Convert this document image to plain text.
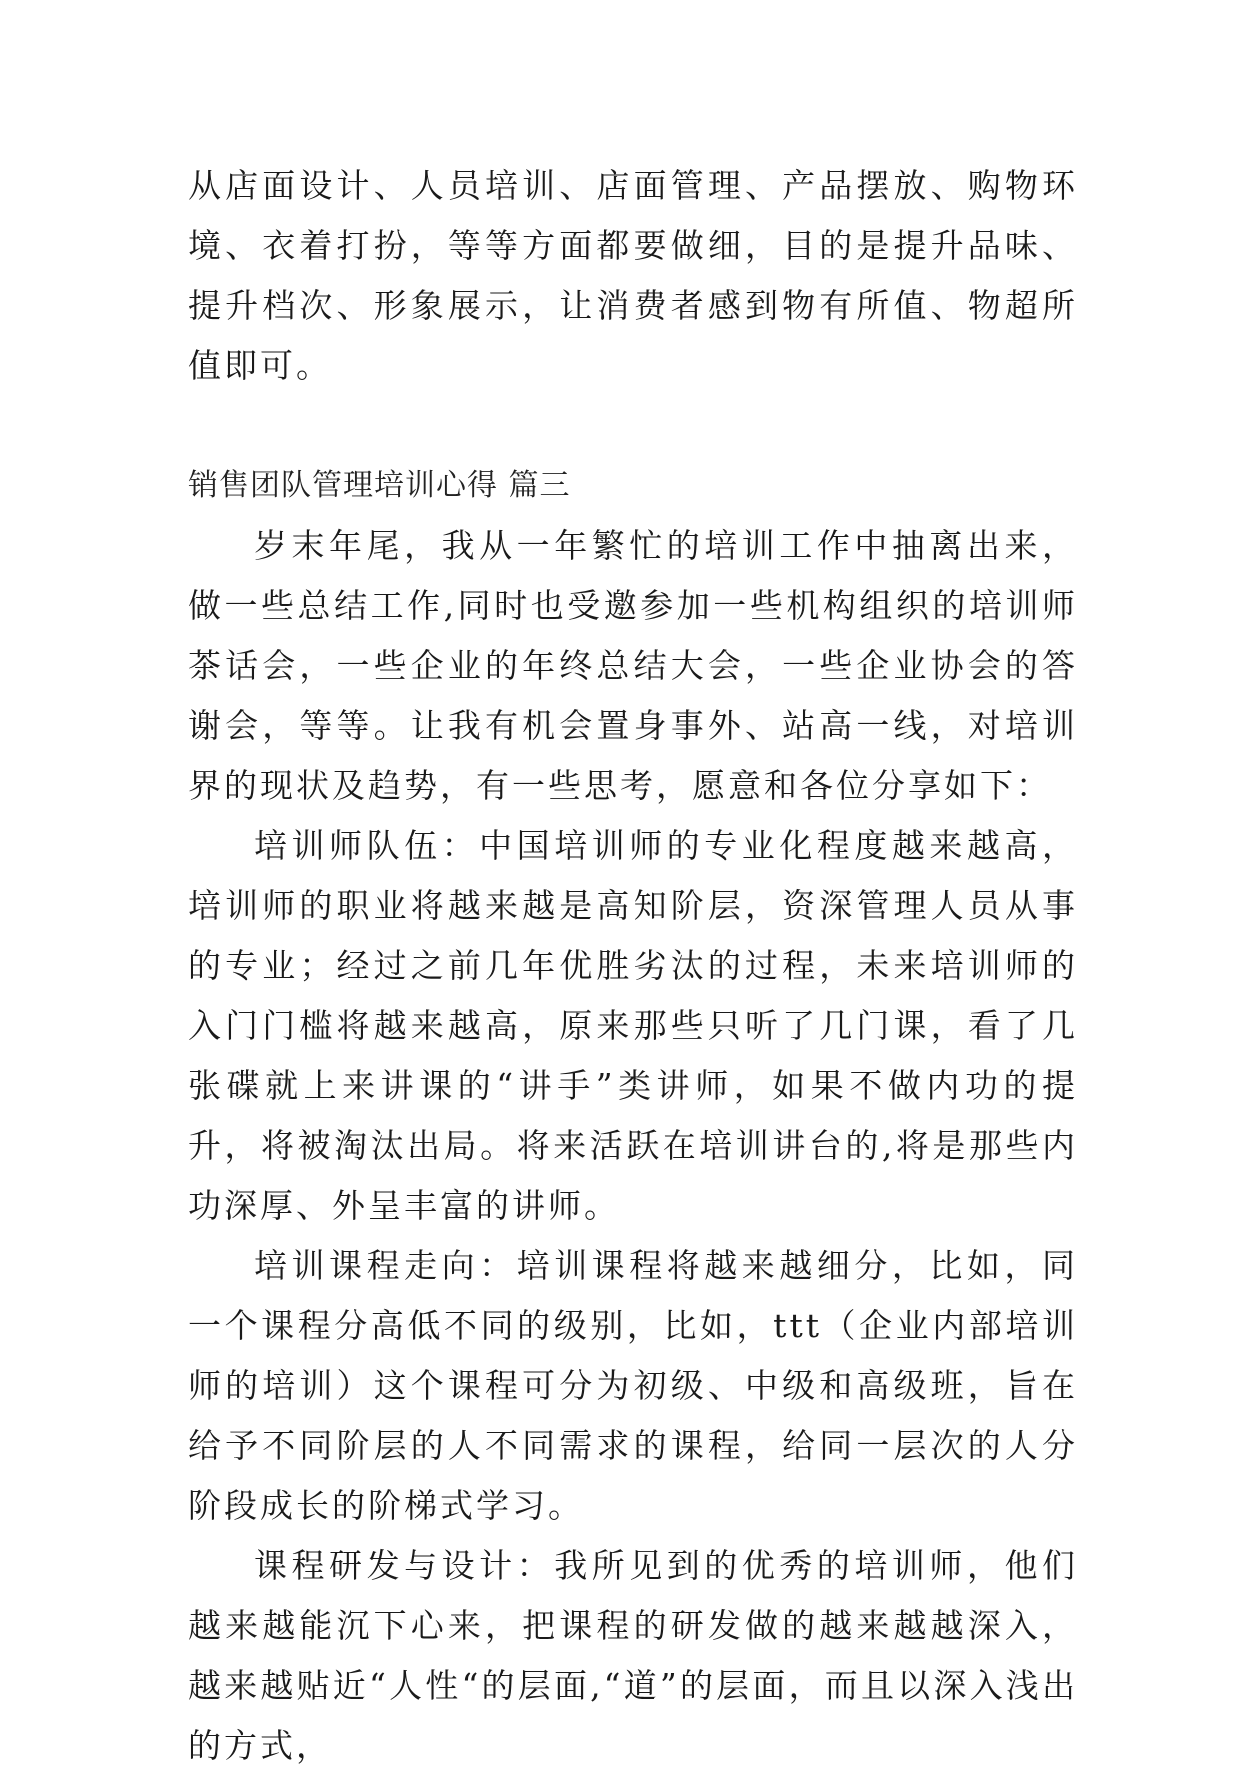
从店面设计、人员培训、店面管理、产品摆放、购物环境、衣着打扮，等等方面都要做细，目的是提升品味、提升档次、形象展示，让消费者感到物有所值、物超所值即可。

销售团队管理培训心得 篇三

岁末年尾，我从一年繁忙的培训工作中抽离出来，做一些总结工作,同时也受邀参加一些机构组织的培训师茶话会，一些企业的年终总结大会，一些企业协会的答谢会，等等。让我有机会置身事外、站高一线，对培训界的现状及趋势，有一些思考，愿意和各位分享如下：

培训师队伍：中国培训师的专业化程度越来越高，培训师的职业将越来越是高知阶层，资深管理人员从事的专业；经过之前几年优胜劣汰的过程，未来培训师的入门门槛将越来越高，原来那些只听了几门课，看了几张碟就上来讲课的“讲手”类讲师，如果不做内功的提升，将被淘汰出局。将来活跃在培训讲台的,将是那些内功深厚、外呈丰富的讲师。

培训课程走向：培训课程将越来越细分，比如，同一个课程分高低不同的级别，比如，ttt（企业内部培训师的培训）这个课程可分为初级、中级和高级班，旨在给予不同阶层的人不同需求的课程，给同一层次的人分阶段成长的阶梯式学习。

课程研发与设计：我所见到的优秀的培训师，他们越来越能沉下心来，把课程的研发做的越来越越深入，越来越贴近“人性“的层面,“道”的层面，而且以深入浅出的方式，
